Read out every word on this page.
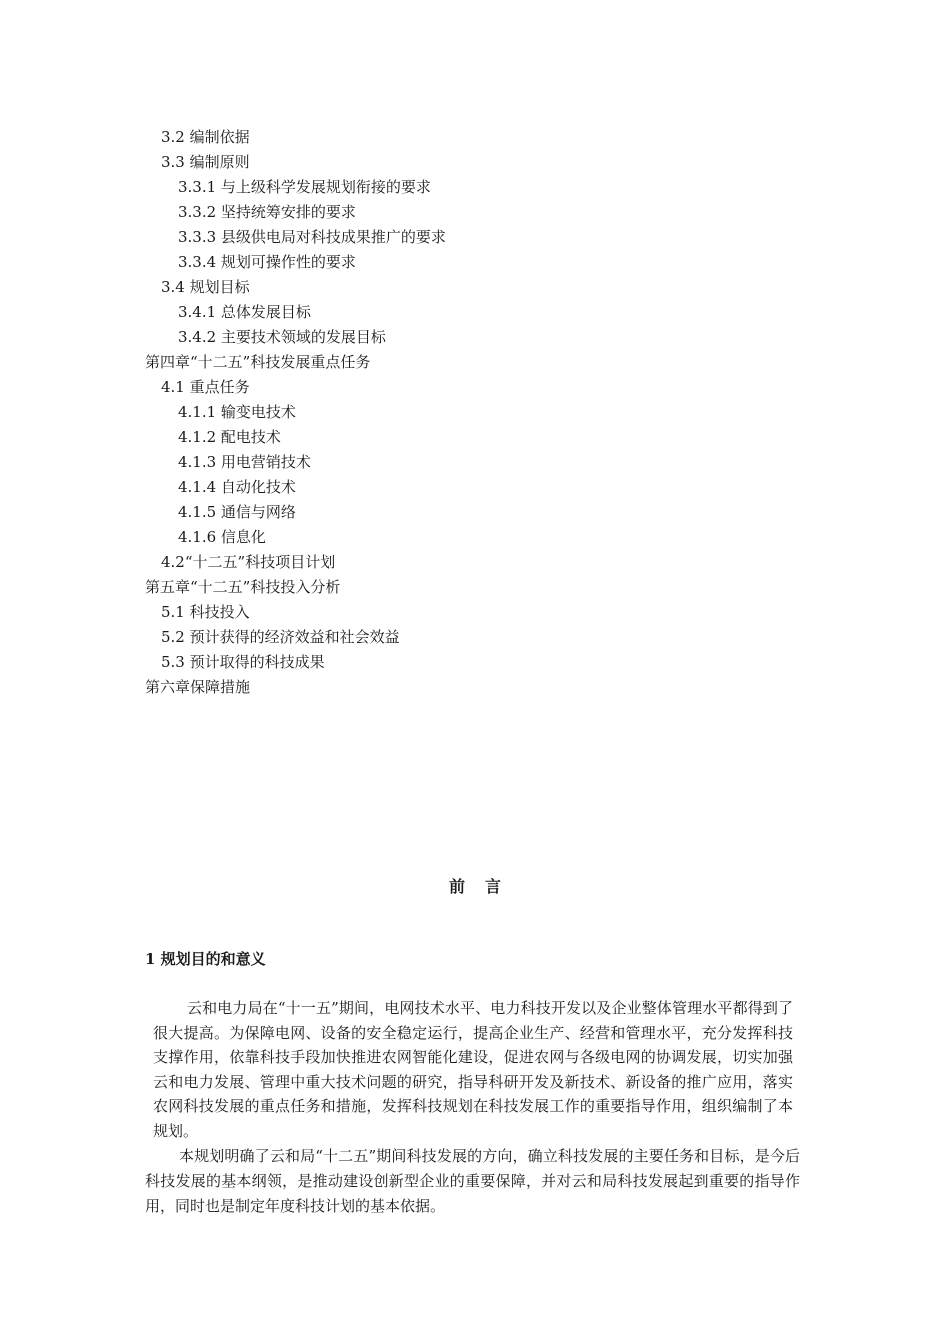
3.2 编制依据
3.3 编制原则
3.3.1 与上级科学发展规划衔接的要求
3.3.2 坚持统筹安排的要求
3.3.3 县级供电局对科技成果推广的要求
3.3.4 规划可操作性的要求
3.4 规划目标
3.4.1 总体发展目标
3.4.2 主要技术领域的发展目标
第四章“十二五”科技发展重点任务
4.1 重点任务
4.1.1 输变电技术
4.1.2 配电技术
4.1.3 用电营销技术
4.1.4 自动化技术
4.1.5 通信与网络
4.1.6 信息化
4.2“十二五”科技项目计划
第五章“十二五”科技投入分析
5.1 科技投入
5.2 预计获得的经济效益和社会效益
5.3 预计取得的科技成果
第六章保障措施
前言
1 规划目的和意义

云和电力局在“十一五”期间，电网技术水平、电力科技开发以及企业整体管理水平都得到了很大提高。为保障电网、设备的安全稳定运行，提高企业生产、经营和管理水平，充分发挥科技支撑作用，依靠科技手段加快推进农网智能化建设，促进农网与各级电网的协调发展，切实加强云和电力发展、管理中重大技术问题的研究，指导科研开发及新技术、新设备的推广应用，落实农网科技发展的重点任务和措施，发挥科技规划在科技发展工作的重要指导作用，组织编制了本规划。

本规划明确了云和局“十二五”期间科技发展的方向，确立科技发展的主要任务和目标，是今后科技发展的基本纲领，是推动建设创新型企业的重要保障，并对云和局科技发展起到重要的指导作用，同时也是制定年度科技计划的基本依据。
